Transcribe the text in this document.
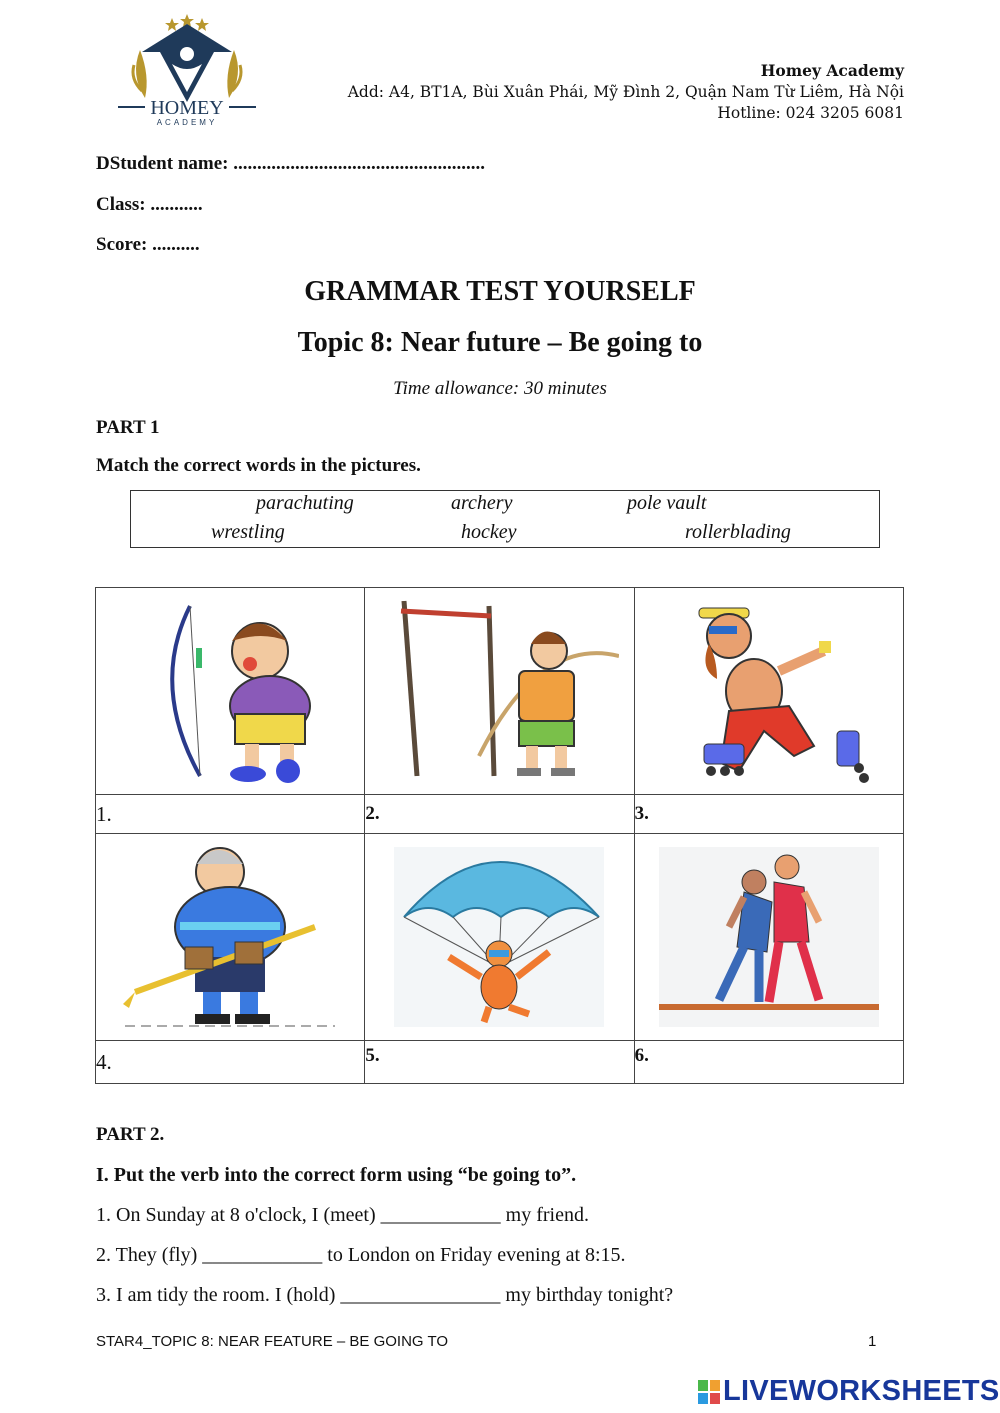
HOMEY
ACADEMY
Homey Academy
Add: A4, BT1A, Bùi Xuân Phái, Mỹ Đình 2, Quận Nam Từ Liêm, Hà Nội
Hotline: 024 3205 6081
DStudent name: .....................................................
Class: ...........
Score: ..........
GRAMMAR TEST YOURSELF
Topic 8: Near future – Be going to
Time allowance: 30 minutes
PART 1
Match the correct words in the pictures.
parachuting	archery	pole vault
wrestling	hockey	rollerblading

1.	2.	3.

4.	5.	6.
PART 2.
I. Put the verb into the correct form using “be going to”.
1. On Sunday at 8 o'clock, I (meet) ____________ my friend.
2. They (fly) ____________ to London on Friday evening at 8:15.
3. I am tidy the room. I (hold) ________________ my birthday tonight?
STAR4_TOPIC 8: NEAR FEATURE – BE GOING TO	1
LIVEWORKSHEETS
